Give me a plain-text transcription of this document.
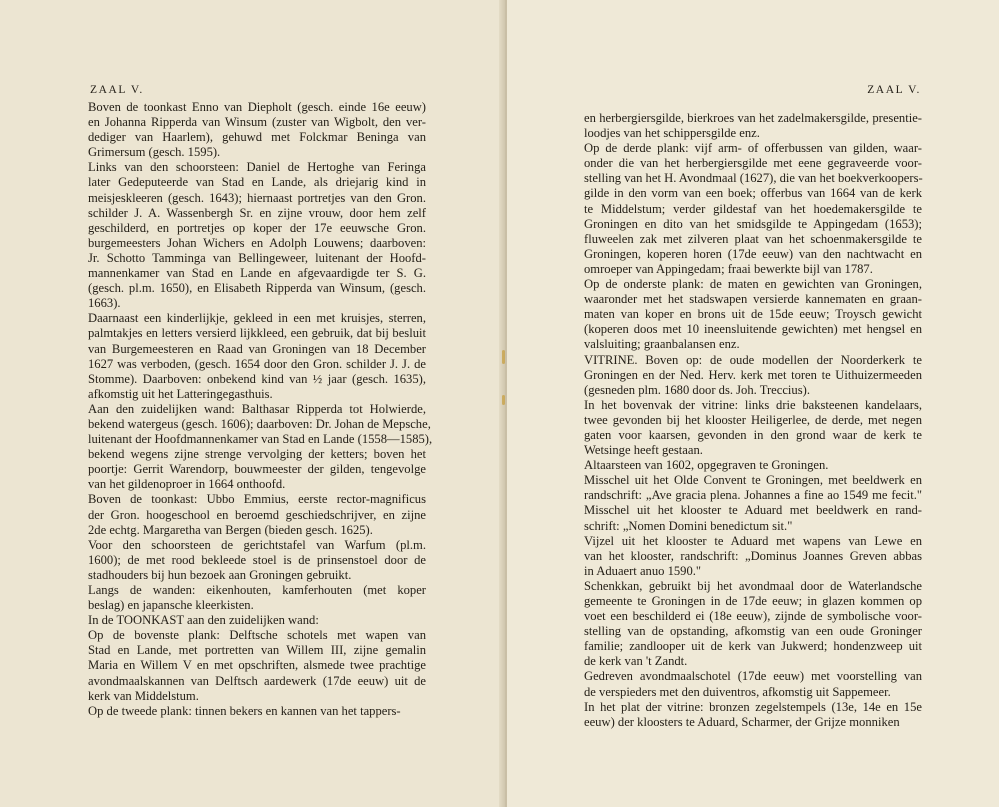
ZAAL V.
Boven de toonkast Enno van Diepholt (gesch. einde 16e eeuw)
en Johanna Ripperda van Winsum (zuster van Wigbolt, den ver-
dediger van Haarlem), gehuwd met Folckmar Beninga van
Grimersum (gesch. 1595).
Links van den schoorsteen: Daniel de Hertoghe van Feringa
later Gedeputeerde van Stad en Lande, als driejarig kind in
meisjeskleeren (gesch. 1643); hiernaast portretjes van den Gron.
schilder J. A. Wassenbergh Sr. en zijne vrouw, door hem zelf
geschilderd, en portretjes op koper der 17e eeuwsche Gron.
burgemeesters Johan Wichers en Adolph Louwens; daarboven:
Jr. Schotto Tamminga van Bellingeweer, luitenant der Hoofd-
mannenkamer van Stad en Lande en afgevaardigde ter S. G.
(gesch. pl.m. 1650), en Elisabeth Ripperda van Winsum, (gesch.
1663).
Daarnaast een kinderlijkje, gekleed in een met kruisjes, sterren,
palmtakjes en letters versierd lijkkleed, een gebruik, dat bij besluit
van Burgemeesteren en Raad van Groningen van 18 December
1627 was verboden, (gesch. 1654 door den Gron. schilder J. J. de
Stomme). Daarboven: onbekend kind van ½ jaar (gesch. 1635),
afkomstig uit het Latteringegasthuis.
Aan den zuidelijken wand: Balthasar Ripperda tot Holwierde,
bekend watergeus (gesch. 1606); daarboven: Dr. Johan de Mepsche,
luitenant der Hoofdmannenkamer van Stad en Lande (1558—1585),
bekend wegens zijne strenge vervolging der ketters; boven het
poortje: Gerrit Warendorp, bouwmeester der gilden, tengevolge
van het gildenoproer in 1664 onthoofd.
Boven de toonkast: Ubbo Emmius, eerste rector-magnificus
der Gron. hoogeschool en beroemd geschiedschrijver, en zijne
2de echtg. Margaretha van Bergen (bieden gesch. 1625).
Voor den schoorsteen de gerichtstafel van Warfum (pl.m.
1600); de met rood bekleede stoel is de prinsenstoel door de
stadhouders bij hun bezoek aan Groningen gebruikt.
Langs de wanden: eikenhouten, kamferhouten (met koper
beslag) en japansche kleerkisten.
In de TOONKAST aan den zuidelijken wand:
Op de bovenste plank: Delftsche schotels met wapen van
Stad en Lande, met portretten van Willem III, zijne gemalin
Maria en Willem V en met opschriften, alsmede twee prachtige
avondmaalskannen van Delftsch aardewerk (17de eeuw) uit de
kerk van Middelstum.
Op de tweede plank: tinnen bekers en kannen van het tappers-
ZAAL V.
en herbergiersgilde, bierkroes van het zadelmakersgilde, presentie-
loodjes van het schippersgilde enz.
Op de derde plank: vijf arm- of offerbussen van gilden, waar-
onder die van het herbergiersgilde met eene gegraveerde voor-
stelling van het H. Avondmaal (1627), die van het boekverkoopers-
gilde in den vorm van een boek; offerbus van 1664 van de kerk
te Middelstum; verder gildestaf van het hoedemakersgilde te
Groningen en dito van het smidsgilde te Appingedam (1653);
fluweelen zak met zilveren plaat van het schoenmakersgilde te
Groningen, koperen horen (17de eeuw) van den nachtwacht en
omroeper van Appingedam; fraai bewerkte bijl van 1787.
Op de onderste plank: de maten en gewichten van Groningen,
waaronder met het stadswapen versierde kannematen en graan-
maten van koper en brons uit de 15de eeuw; Troysch gewicht
(koperen doos met 10 ineensluitende gewichten) met hengsel en
valsluiting; graanbalansen enz.
VITRINE. Boven op: de oude modellen der Noorderkerk te
Groningen en der Ned. Herv. kerk met toren te Uithuizermeeden
(gesneden plm. 1680 door ds. Joh. Treccius).
In het bovenvak der vitrine: links drie baksteenen kandelaars,
twee gevonden bij het klooster Heiligerlee, de derde, met negen
gaten voor kaarsen, gevonden in den grond waar de kerk te
Wetsinge heeft gestaan.
Altaarsteen van 1602, opgegraven te Groningen.
Misschel uit het Olde Convent te Groningen, met beeldwerk en
randschrift: „Ave gracia plena. Johannes a fine ao 1549 me fecit."
Misschel uit het klooster te Aduard met beeldwerk en rand-
schrift: „Nomen Domini benedictum sit."
Vijzel uit het klooster te Aduard met wapens van Lewe en
van het klooster, randschrift: „Dominus Joannes Greven abbas
in Aduaert anuo 1590."
Schenkkan, gebruikt bij het avondmaal door de Waterlandsche
gemeente te Groningen in de 17de eeuw; in glazen kommen op
voet een beschilderd ei (18e eeuw), zijnde de symbolische voor-
stelling van de opstanding, afkomstig van een oude Groninger
familie; zandlooper uit de kerk van Jukwerd; hondenzweep uit
de kerk van 't Zandt.
Gedreven avondmaalschotel (17de eeuw) met voorstelling van
de verspieders met den duiventros, afkomstig uit Sappemeer.
In het plat der vitrine: bronzen zegelstempels (13e, 14e en 15e
eeuw) der kloosters te Aduard, Scharmer, der Grijze monniken
